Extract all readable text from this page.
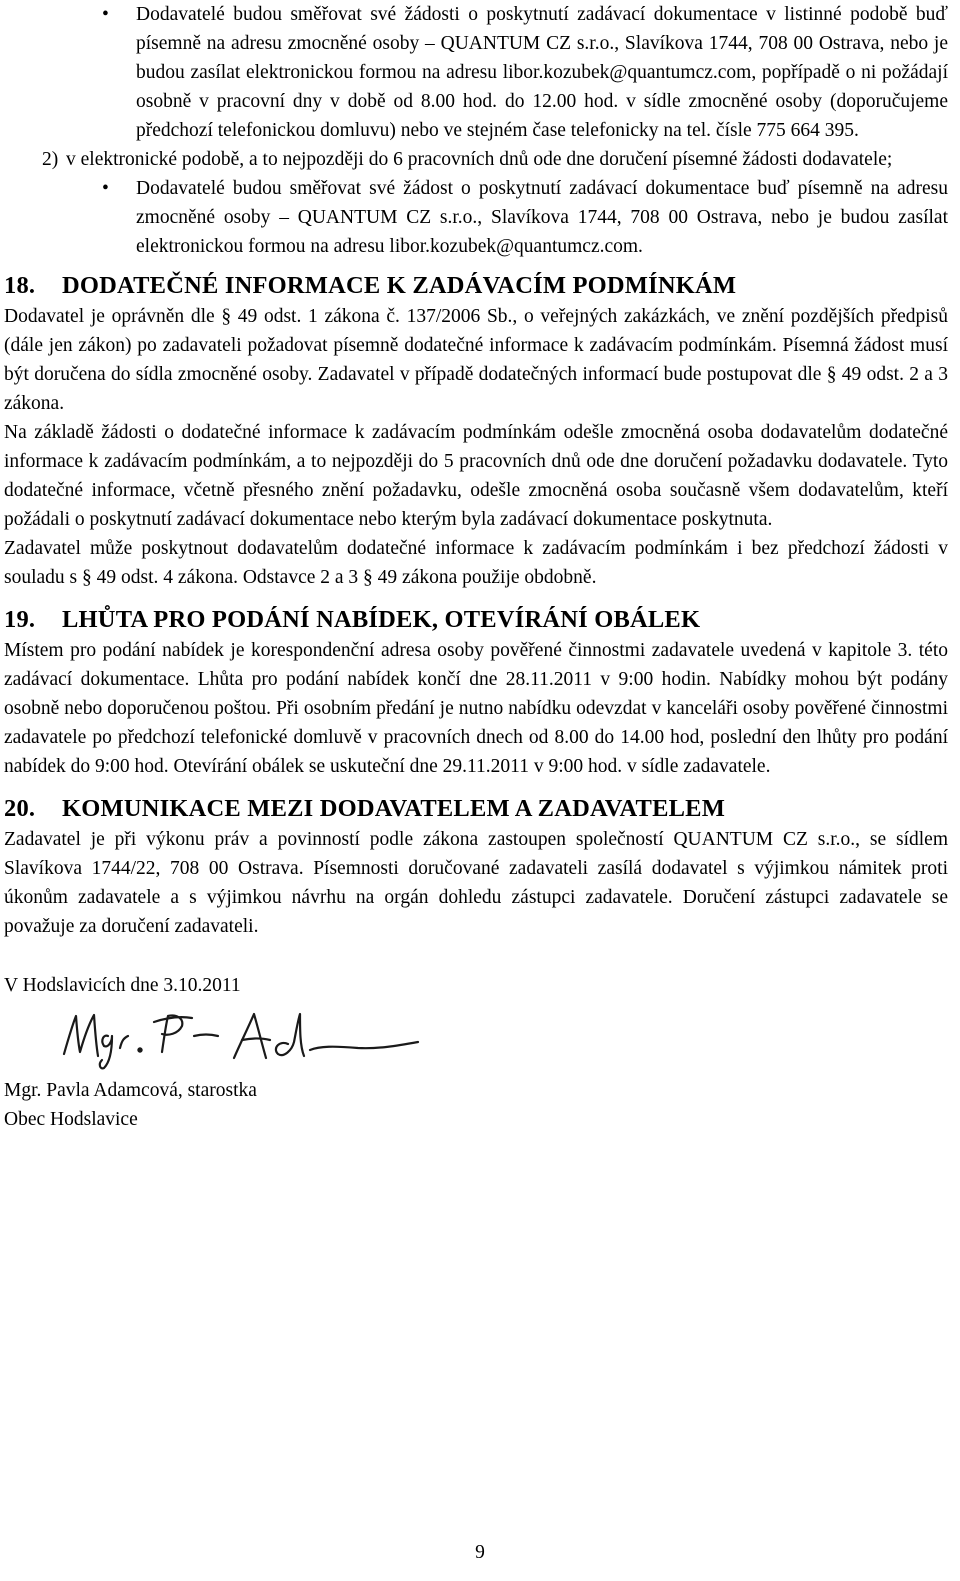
• Dodavatelé budou směřovat své žádosti o poskytnutí zadávací dokumentace v listinné podobě buď písemně na adresu zmocněné osoby – QUANTUM CZ s.r.o., Slavíkova 1744, 708 00 Ostrava, nebo je budou zasílat elektronickou formou na adresu libor.kozubek@quantumcz.com, popřípadě o ni požádají osobně v pracovní dny v době od 8.00 hod. do 12.00 hod. v sídle zmocněné osoby (doporučujeme předchozí telefonickou domluvu) nebo ve stejném čase telefonicky na tel. čísle 775 664 395.

2) v elektronické podobě, a to nejpozději do 6 pracovních dnů ode dne doručení písemné žádosti dodavatele;

• Dodavatelé budou směřovat své žádost o poskytnutí zadávací dokumentace buď písemně na adresu zmocněné osoby – QUANTUM CZ s.r.o., Slavíkova 1744, 708 00 Ostrava, nebo je budou zasílat elektronickou formou na adresu libor.kozubek@quantumcz.com.

18.	DODATEČNÉ INFORMACE K ZADÁVACÍM PODMÍNKÁM

Dodavatel je oprávněn dle § 49 odst. 1 zákona č. 137/2006 Sb., o veřejných zakázkách, ve znění pozdějších předpisů (dále jen zákon) po zadavateli požadovat písemně dodatečné informace k zadávacím podmínkám. Písemná žádost musí být doručena do sídla zmocněné osoby. Zadavatel v případě dodatečných informací bude postupovat dle § 49 odst. 2 a 3 zákona.

Na základě žádosti o dodatečné informace k zadávacím podmínkám odešle zmocněná osoba dodavatelům dodatečné informace k zadávacím podmínkám, a to nejpozději do 5 pracovních dnů ode dne doručení požadavku dodavatele. Tyto dodatečné informace, včetně přesného znění požadavku, odešle zmocněná osoba současně všem dodavatelům, kteří požádali o poskytnutí zadávací dokumentace nebo kterým byla zadávací dokumentace poskytnuta.

Zadavatel může poskytnout dodavatelům dodatečné informace k zadávacím podmínkám i bez předchozí žádosti v souladu s § 49 odst. 4 zákona. Odstavce 2 a 3 § 49 zákona použije obdobně.

19.	LHŮTA PRO PODÁNÍ NABÍDEK, OTEVÍRÁNÍ OBÁLEK

Místem pro podání nabídek je korespondenční adresa osoby pověřené činnostmi zadavatele uvedená v kapitole 3. této zadávací dokumentace. Lhůta pro podání nabídek končí dne 28.11.2011 v 9:00 hodin. Nabídky mohou být podány osobně nebo doporučenou poštou. Při osobním předání je nutno nabídku odevzdat v kanceláři osoby pověřené činnostmi zadavatele po předchozí telefonické domluvě v pracovních dnech od 8.00 do 14.00 hod, poslední den lhůty pro podání nabídek do 9:00 hod. Otevírání obálek se uskuteční dne 29.11.2011 v 9:00 hod. v sídle zadavatele.

20.	KOMUNIKACE MEZI DODAVATELEM A ZADAVATELEM

Zadavatel je při výkonu práv a povinností podle zákona zastoupen společností QUANTUM CZ s.r.o., se sídlem Slavíkova 1744/22, 708 00 Ostrava. Písemnosti doručované zadavateli zasílá dodavatel s výjimkou námitek proti úkonům zadavatele a s výjimkou návrhu na orgán dohledu zástupci zadavatele. Doručení zástupci zadavatele se považuje za doručení zadavateli.

V Hodslavicích dne 3.10.2011

Mgr. Pavla Adamcová, starostka

Obec Hodslavice

9
